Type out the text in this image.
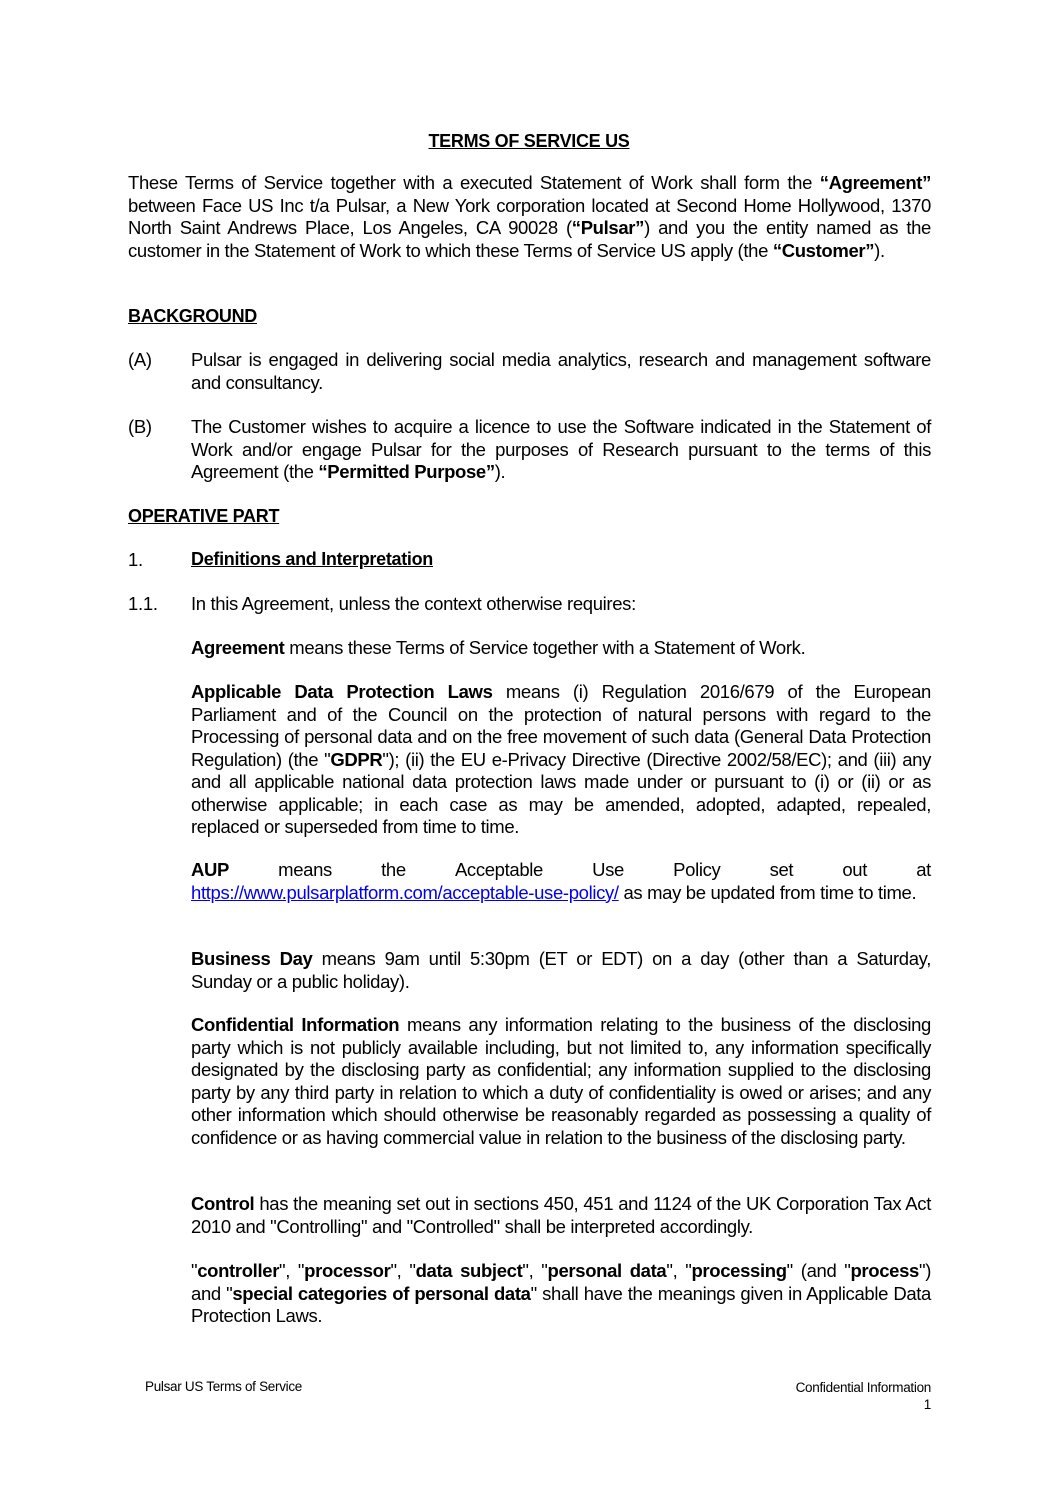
TERMS OF SERVICE US
These Terms of Service together with a executed Statement of Work shall form the “Agreement” between Face US Inc t/a Pulsar, a New York corporation located at Second Home Hollywood, 1370 North Saint Andrews Place, Los Angeles, CA 90028 (“Pulsar”) and you the entity named as the customer in the Statement of Work to which these Terms of Service US apply (the “Customer”).
BACKGROUND
(A) Pulsar is engaged in delivering social media analytics, research and management software and consultancy.
(B) The Customer wishes to acquire a licence to use the Software indicated in the Statement of Work and/or engage Pulsar for the purposes of Research pursuant to the terms of this Agreement (the “Permitted Purpose”).
OPERATIVE PART
1.	Definitions and Interpretation
1.1. In this Agreement, unless the context otherwise requires:
Agreement means these Terms of Service together with a Statement of Work.
Applicable Data Protection Laws means (i) Regulation 2016/679 of the European Parliament and of the Council on the protection of natural persons with regard to the Processing of personal data and on the free movement of such data (General Data Protection Regulation) (the "GDPR"); (ii) the EU e-Privacy Directive (Directive 2002/58/EC); and (iii) any and all applicable national data protection laws made under or pursuant to (i) or (ii) or as otherwise applicable; in each case as may be amended, adopted, adapted, repealed, replaced or superseded from time to time.
AUP	means	the	Acceptable	Use	Policy	set	out	at
https://www.pulsarplatform.com/acceptable-use-policy/ as may be updated from time to time.
Business Day means 9am until 5:30pm (ET or EDT) on a day (other than a Saturday, Sunday or a public holiday).
Confidential Information means any information relating to the business of the disclosing party which is not publicly available including, but not limited to, any information specifically designated by the disclosing party as confidential; any information supplied to the disclosing party by any third party in relation to which a duty of confidentiality is owed or arises; and any other information which should otherwise be reasonably regarded as possessing a quality of confidence or as having commercial value in relation to the business of the disclosing party.
Control has the meaning set out in sections 450, 451 and 1124 of the UK Corporation Tax Act 2010 and "Controlling" and "Controlled" shall be interpreted accordingly.
"controller", "processor", "data subject", "personal data", "processing" (and "process") and "special categories of personal data" shall have the meanings given in Applicable Data Protection Laws.
Pulsar US Terms of Service	Confidential Information
1
